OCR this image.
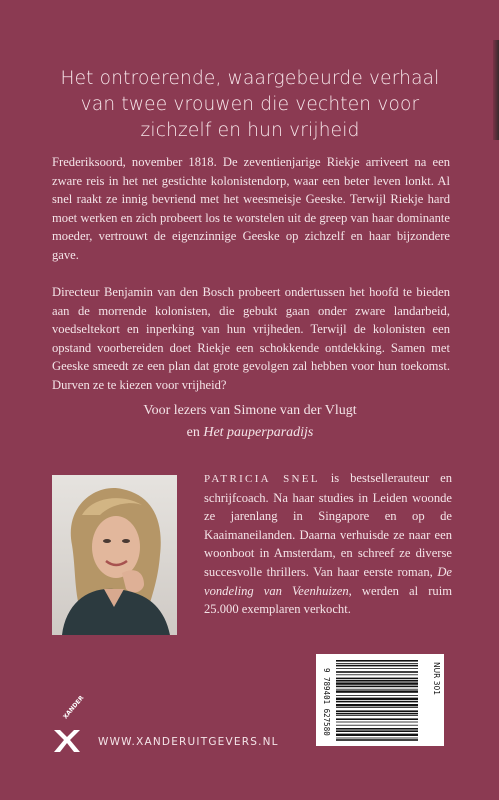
Het ontroerende, waargebeurde verhaal
van twee vrouwen die vechten voor
zichzelf en hun vrijheid
Frederiksoord, november 1818. De zeventienjarige Riekje arriveert na een zware reis in het net gestichte kolonistendorp, waar een beter leven lonkt. Al snel raakt ze innig bevriend met het weesmeisje Geeske. Terwijl Riekje hard moet werken en zich probeert los te worstelen uit de greep van haar dominante moeder, vertrouwt de eigenzinnige Geeske op zichzelf en haar bijzondere gave.
Directeur Benjamin van den Bosch probeert ondertussen het hoofd te bieden aan de morrende kolonisten, die gebukt gaan onder zware landarbeid, voedseltekort en inperking van hun vrijheden. Terwijl de kolonisten een opstand voorbereiden doet Riekje een schokkende ontdekking. Samen met Geeske smeedt ze een plan dat grote gevolgen zal hebben voor hun toekomst. Durven ze te kiezen voor vrijheid?
Voor lezers van Simone van der Vlugt
en Het pauperparadijs
PATRICIA SNEL is bestsellerauteur en schrijfcoach. Na haar studies in Leiden woonde ze jarenlang in Singapore en op de Kaaimaneilanden. Daarna verhuisde ze naar een woonboot in Amsterdam, en schreef ze diverse succesvolle thrillers. Van haar eerste roman, De vondeling van Veenhuizen, werden al ruim 25.000 exemplaren verkocht.
9 789401 627580	NUR 301
XANDER
WWW.XANDERUITGEVERS.NL
